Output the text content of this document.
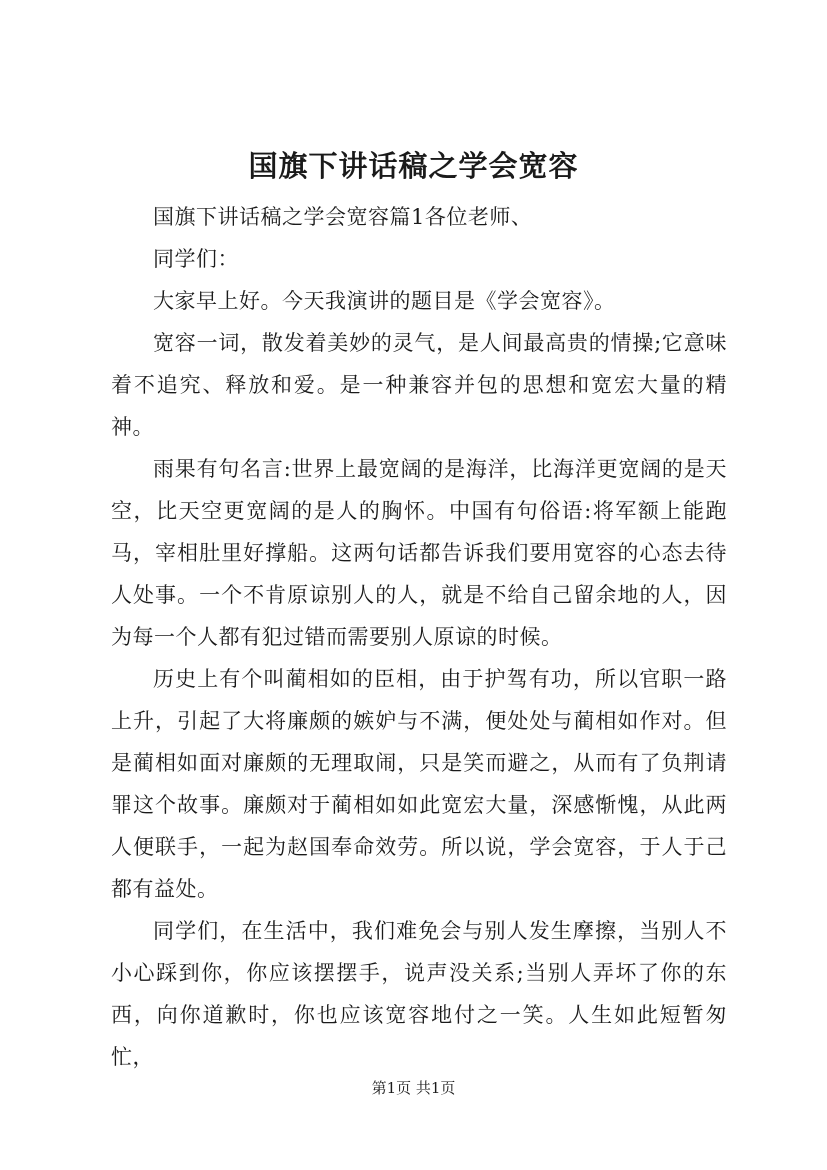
国旗下讲话稿之学会宽容

国旗下讲话稿之学会宽容篇1各位老师、

同学们：

大家早上好。今天我演讲的题目是《学会宽容》。

宽容一词，散发着美妙的灵气，是人间最高贵的情操;它意味着不追究、释放和爱。是一种兼容并包的思想和宽宏大量的精神。

雨果有句名言:世界上最宽阔的是海洋，比海洋更宽阔的是天空，比天空更宽阔的是人的胸怀。中国有句俗语:将军额上能跑马，宰相肚里好撑船。这两句话都告诉我们要用宽容的心态去待人处事。一个不肯原谅别人的人，就是不给自己留余地的人，因为每一个人都有犯过错而需要别人原谅的时候。

历史上有个叫蔺相如的臣相，由于护驾有功，所以官职一路上升，引起了大将廉颇的嫉妒与不满，便处处与蔺相如作对。但是蔺相如面对廉颇的无理取闹，只是笑而避之，从而有了负荆请罪这个故事。廉颇对于蔺相如如此宽宏大量，深感惭愧，从此两人便联手，一起为赵国奉命效劳。所以说，学会宽容，于人于己都有益处。

同学们，在生活中，我们难免会与别人发生摩擦，当别人不小心踩到你，你应该摆摆手，说声没关系;当别人弄坏了你的东西，向你道歉时，你也应该宽容地付之一笑。人生如此短暂匆忙，

第1页 共1页
